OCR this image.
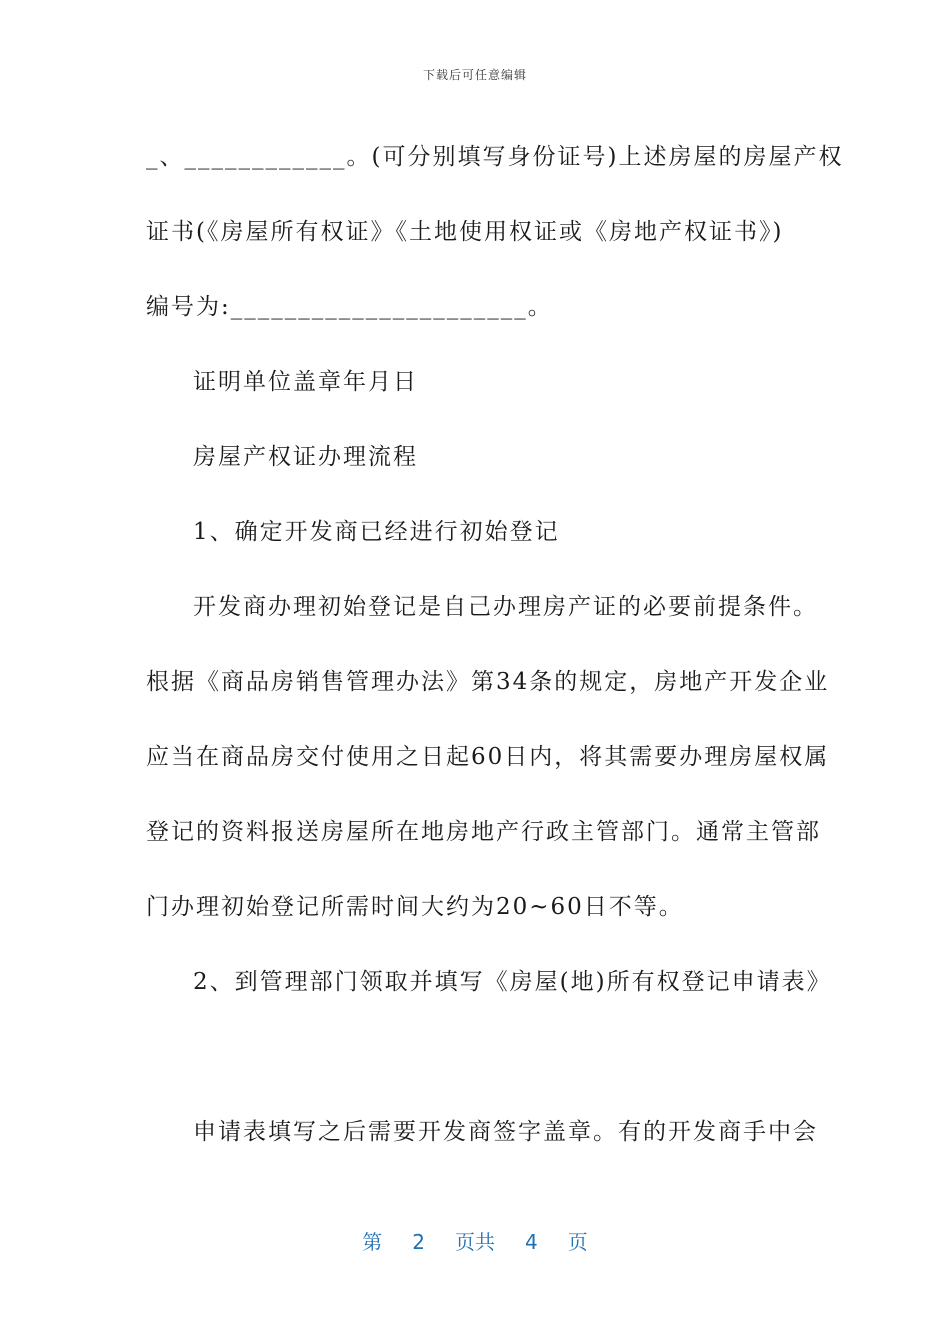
下载后可任意编辑
_、____________。(可分别填写身份证号)上述房屋的房屋产权
证书(《房屋所有权证》《土地使用权证或《房地产权证书》)
编号为:______________________。
证明单位盖章年月日
房屋产权证办理流程
1、确定开发商已经进行初始登记
开发商办理初始登记是自己办理房产证的必要前提条件。
根据《商品房销售管理办法》第34条的规定，房地产开发企业
应当在商品房交付使用之日起60日内，将其需要办理房屋权属
登记的资料报送房屋所在地房地产行政主管部门。通常主管部
门办理初始登记所需时间大约为20~60日不等。
2、到管理部门领取并填写《房屋(地)所有权登记申请表》
申请表填写之后需要开发商签字盖章。有的开发商手中会
第 2 页共 4 页
